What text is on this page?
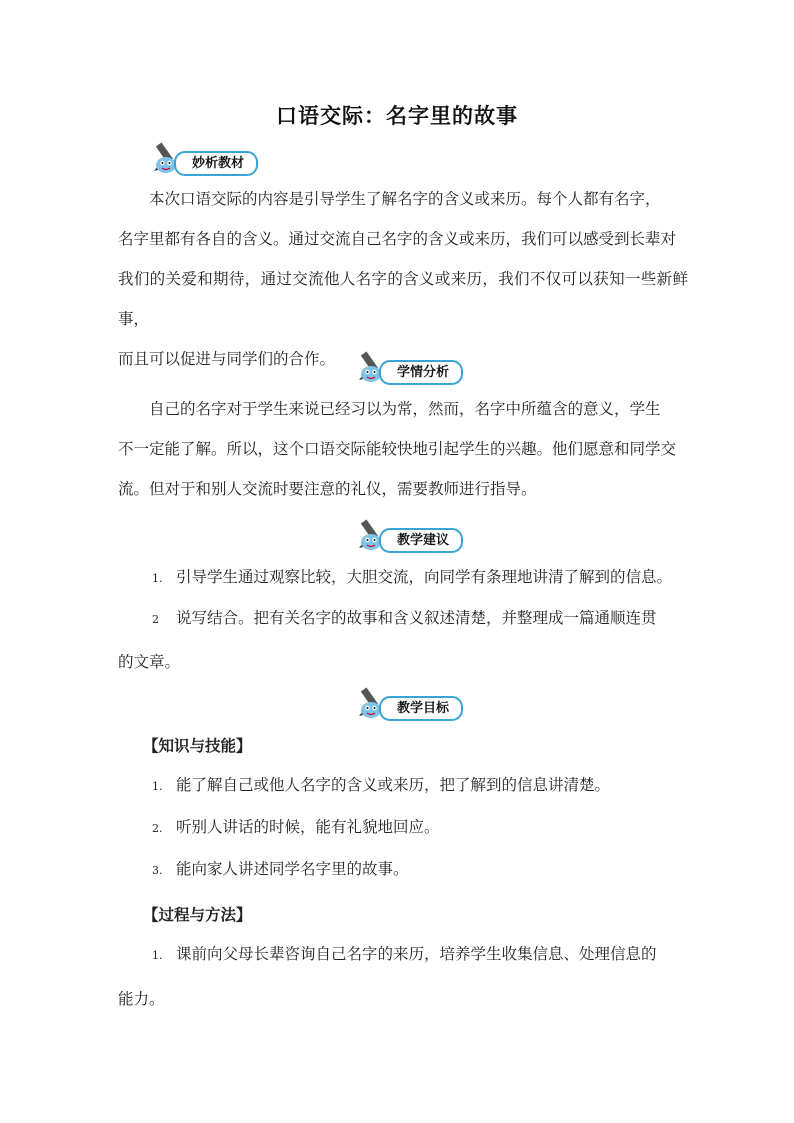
口语交际：名字里的故事
妙析教材
本次口语交际的内容是引导学生了解名字的含义或来历。每个人都有名字，
名字里都有各自的含义。通过交流自己名字的含义或来历，我们可以感受到长辈对
我们的关爱和期待，通过交流他人名字的含义或来历，我们不仅可以获知一些新鲜事，
而且可以促进与同学们的合作。
学情分析
自己的名字对于学生来说已经习以为常，然而，名字中所蕴含的意义，学生
不一定能了解。所以，这个口语交际能较快地引起学生的兴趣。他们愿意和同学交
流。但对于和别人交流时要注意的礼仪，需要教师进行指导。
教学建议
1. 引导学生通过观察比较，大胆交流，向同学有条理地讲清了解到的信息。
2 说写结合。把有关名字的故事和含义叙述清楚，并整理成一篇通顺连贯
的文章。
教学目标
【知识与技能】
1. 能了解自己或他人名字的含义或来历，把了解到的信息讲清楚。
2. 听别人讲话的时候，能有礼貌地回应。
3. 能向家人讲述同学名字里的故事。
【过程与方法】
1. 课前向父母长辈咨询自己名字的来历，培养学生收集信息、处理信息的
能力。
